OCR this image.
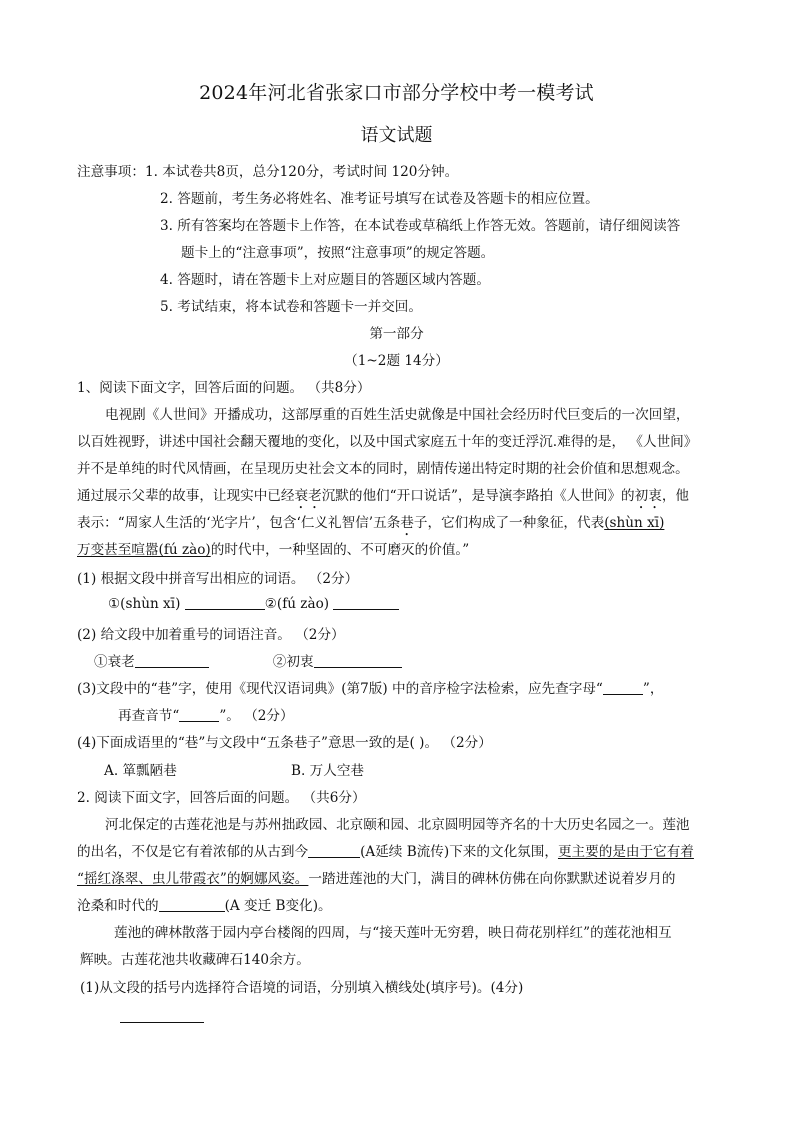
2024年河北省张家口市部分学校中考一模考试
语文试题
注意事项：1. 本试卷共8页，总分120分，考试时间 120分钟。
2. 答题前，考生务必将姓名、准考证号填写在试卷及答题卡的相应位置。
3. 所有答案均在答题卡上作答，在本试卷或草稿纸上作答无效。答题前，请仔细阅读答
题卡上的“注意事项”，按照“注意事项”的规定答题。
4. 答题时，请在答题卡上对应题目的答题区域内答题。
5. 考试结束，将本试卷和答题卡一并交回。
第一部分
（1~2题 14分）
1、阅读下面文字，回答后面的问题。 （共8分）
电视剧《人世间》开播成功，这部厚重的百姓生活史就像是中国社会经历时代巨变后的一次回望，
以百姓视野，讲述中国社会翻天覆地的变化，以及中国式家庭五十年的变迁浮沉.难得的是， 《人世间》
并不是单纯的时代风情画，在呈现历史社会文本的同时，剧情传递出特定时期的社会价值和思想观念。
通过展示父辈的故事，让现实中已经衰老沉默的他们“开口说话”，是导演李路拍《人世间》的初衷，他
表示：“周家人生活的‘光字片’，包含‘仁义礼智信’五条巷子，它们构成了一种象征，代表(shùn xī)
万变甚至喧嚣(fú zào)的时代中，一种坚固的、不可磨灭的价值。”
(1) 根据文段中拼音写出相应的词语。 （2分）
①(shùn xī)	②(fú zào)
(2) 给文段中加着重号的词语注音。 （2分）
①衰老	②初衷
(3)文段中的“巷”字，使用《现代汉语词典》(第7版) 中的音序检字法检索，应先查字母“	”，
再查音节“	”。 （2分）
(4)下面成语里的“巷”与文段中“五条巷子”意思一致的是( )。 （2分）
A. 箪瓢陋巷	B. 万人空巷
2. 阅读下面文字，回答后面的问题。 （共6分）
河北保定的古莲花池是与苏州拙政园、北京颐和园、北京圆明园等齐名的十大历史名园之一。莲池
的出名，不仅是它有着浓郁的从古到今	(A延续 B流传)下来的文化氛围，更主要的是由于它有着
“摇红涤翠、虫儿带霞衣”的婀娜风姿。一踏进莲池的大门，满目的碑林仿佛在向你默默述说着岁月的
沧桑和时代的	(A 变迁 B变化)。
莲池的碑林散落于园内亭台楼阁的四周，与“接天莲叶无穷碧，映日荷花别样红”的莲花池相互
辉映。古莲花池共收藏碑石140余方。
(1)从文段的括号内选择符合语境的词语，分别填入横线处(填序号)。(4分)
